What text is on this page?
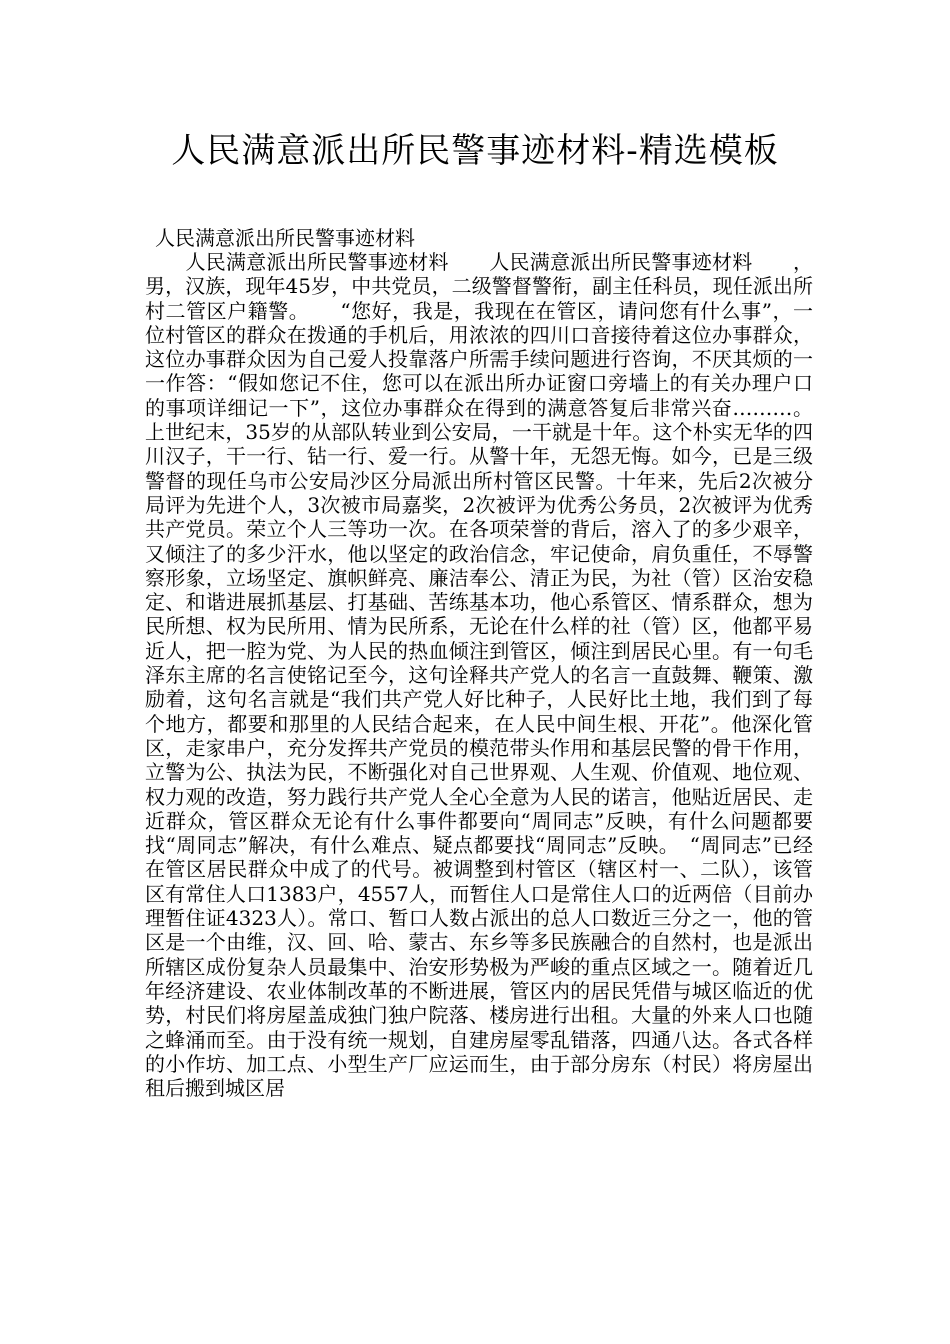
人民满意派出所民警事迹材料-精选模板

人民满意派出所民警事迹材料

　　人民满意派出所民警事迹材料　　人民满意派出所民警事迹材料　　，男，汉族，现年45岁，中共党员，二级警督警衔，副主任科员，现任派出所村二管区户籍警。　　“您好，我是，我现在在管区，请问您有什么事”，一位村管区的群众在拨通的手机后，用浓浓的四川口音接待着这位办事群众，这位办事群众因为自己爱人投靠落户所需手续问题进行咨询，不厌其烦的一一作答：“假如您记不住，您可以在派出所办证窗口旁墙上的有关办理户口的事项详细记一下”，这位办事群众在得到的满意答复后非常兴奋………。上世纪末，35岁的从部队转业到公安局，一干就是十年。这个朴实无华的四川汉子，干一行、钻一行、爱一行。从警十年，无怨无悔。如今，已是三级警督的现任乌市公安局沙区分局派出所村管区民警。十年来，先后2次被分局评为先进个人，3次被市局嘉奖，2次被评为优秀公务员，2次被评为优秀共产党员。荣立个人三等功一次。在各项荣誉的背后，溶入了的多少艰辛，又倾注了的多少汗水，他以坚定的政治信念，牢记使命，肩负重任，不辱警察形象，立场坚定、旗帜鲜亮、廉洁奉公、清正为民，为社（管）区治安稳定、和谐进展抓基层、打基础、苦练基本功，他心系管区、情系群众，想为民所想、权为民所用、情为民所系，无论在什么样的社（管）区，他都平易近人，把一腔为党、为人民的热血倾注到管区，倾注到居民心里。有一句毛泽东主席的名言使铭记至今，这句诠释共产党人的名言一直鼓舞、鞭策、激励着，这句名言就是“我们共产党人好比种子，人民好比土地，我们到了每个地方，都要和那里的人民结合起来，在人民中间生根、开花”。他深化管区，走家串户，充分发挥共产党员的模范带头作用和基层民警的骨干作用，立警为公、执法为民，不断强化对自己世界观、人生观、价值观、地位观、权力观的改造，努力践行共产党人全心全意为人民的诺言，他贴近居民、走近群众，管区群众无论有什么事件都要向“周同志”反映，有什么问题都要找“周同志”解决，有什么难点、疑点都要找“周同志”反映。　“周同志”已经在管区居民群众中成了的代号。被调整到村管区（辖区村一、二队），该管区有常住人口1383户，4557人，而暂住人口是常住人口的近两倍（目前办理暂住证4323人）。常口、暂口人数占派出的总人口数近三分之一，他的管区是一个由维，汉、回、哈、蒙古、东乡等多民族融合的自然村，也是派出所辖区成份复杂人员最集中、治安形势极为严峻的重点区域之一。随着近几年经济建设、农业体制改革的不断进展，管区内的居民凭借与城区临近的优势，村民们将房屋盖成独门独户院落、楼房进行出租。大量的外来人口也随之蜂涌而至。由于没有统一规划，自建房屋零乱错落，四通八达。各式各样的小作坊、加工点、小型生产厂应运而生，由于部分房东（村民）将房屋出租后搬到城区居
